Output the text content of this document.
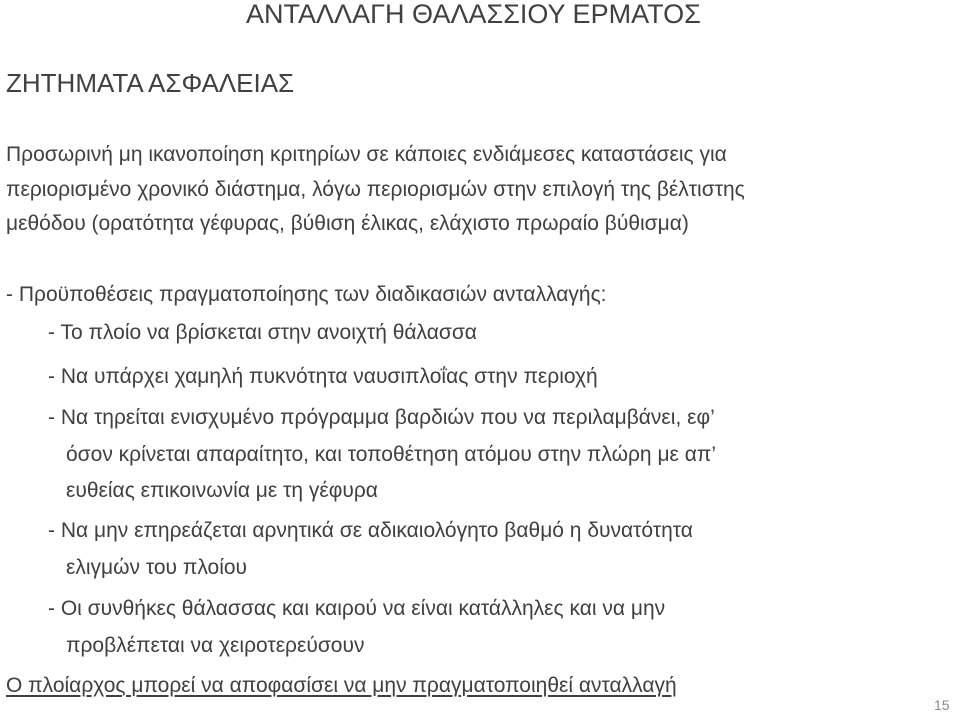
ΑΝΤΑΛΛΑΓΗ ΘΑΛΑΣΣΙΟΥ ΕΡΜΑΤΟΣ
ΖΗΤΗΜΑΤΑ ΑΣΦΑΛΕΙΑΣ
Προσωρινή μη ικανοποίηση κριτηρίων σε κάποιες ενδιάμεσες καταστάσεις για
περιορισμένο χρονικό διάστημα, λόγω περιορισμών στην επιλογή της βέλτιστης
μεθόδου (ορατότητα γέφυρας, βύθιση έλικας, ελάχιστο πρωραίο βύθισμα)
- Προϋποθέσεις πραγματοποίησης των διαδικασιών ανταλλαγής:
- Το πλοίο να βρίσκεται στην ανοιχτή θάλασσα
- Να υπάρχει χαμηλή πυκνότητα ναυσιπλοΐας στην περιοχή
- Να τηρείται ενισχυμένο πρόγραμμα βαρδιών που να περιλαμβάνει, εφ’
όσον κρίνεται απαραίτητο, και τοποθέτηση ατόμου στην πλώρη με απ’
ευθείας επικοινωνία με τη γέφυρα
- Να μην επηρεάζεται αρνητικά σε αδικαιολόγητο βαθμό η δυνατότητα
ελιγμών του πλοίου
- Οι συνθήκες θάλασσας και καιρού να είναι κατάλληλες και να μην
προβλέπεται να χειροτερεύσουν
Ο πλοίαρχος μπορεί να αποφασίσει να μην πραγματοποιηθεί ανταλλαγή
15
